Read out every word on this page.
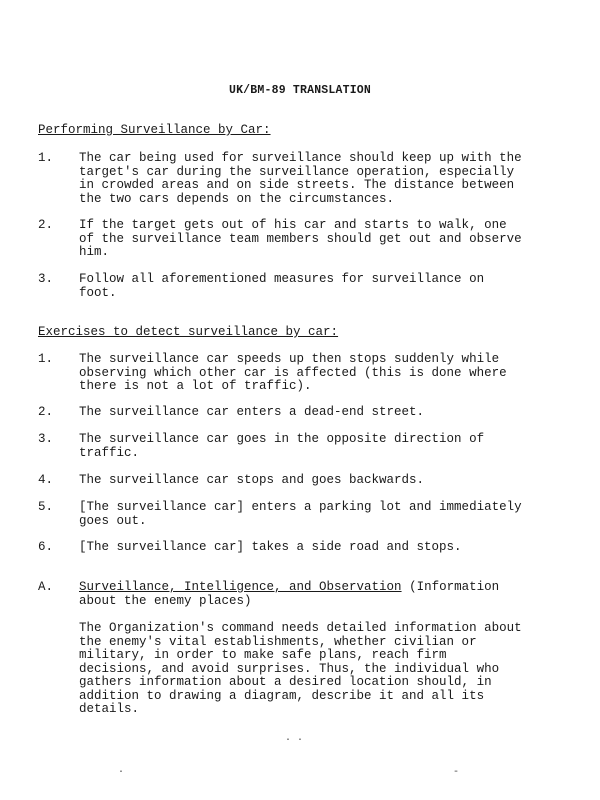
UK/BM-89 TRANSLATION
Performing Surveillance by Car:
1.	The car being used for surveillance should keep up with the
target's car during the surveillance operation, especially
in crowded areas and on side streets. The distance between
the two cars depends on the circumstances.
2.	If the target gets out of his car and starts to walk, one
of the surveillance team members should get out and observe
him.
3.	Follow all aforementioned measures for surveillance on
foot.
Exercises to detect surveillance by car:
1.	The surveillance car speeds up then stops suddenly while
observing which other car is affected (this is done where
there is not a lot of traffic).
2.	The surveillance car enters a dead-end street.
3.	The surveillance car goes in the opposite direction of
traffic.
4.	The surveillance car stops and goes backwards.
5.	[The surveillance car] enters a parking lot and immediately
goes out.
6.	[The surveillance car] takes a side road and stops.
A. Surveillance, Intelligence, and Observation (Information
about the enemy places)
The Organization's command needs detailed information about
the enemy's vital establishments, whether civilian or
military, in order to make safe plans, reach firm
decisions, and avoid surprises. Thus, the individual who
gathers information about a desired location should, in
addition to drawing a diagram, describe it and all its
details.
· ·
·	-
